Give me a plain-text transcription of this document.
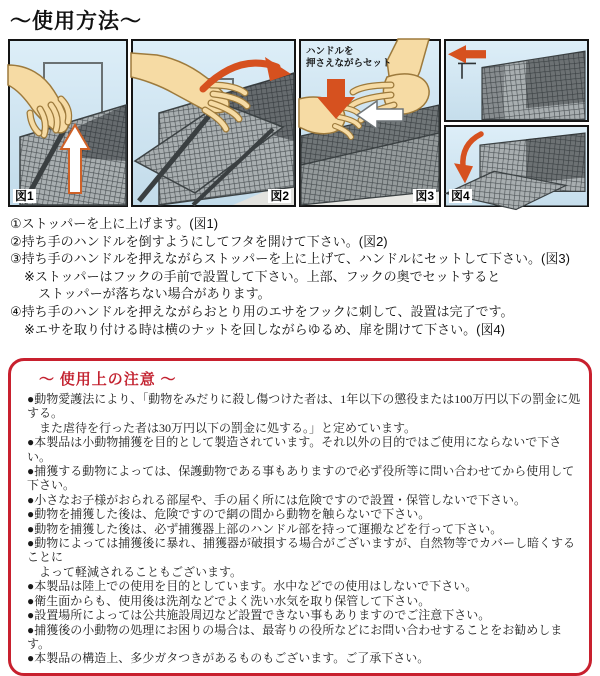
～使用方法～
図1	図2
ハンドルを
押さえながらセット
図3 図4
①ストッパーを上に上げます。(図1)
②持ち手のハンドルを倒すようにしてフタを開けて下さい。(図2)
③持ち手のハンドルを押えながらストッパーを上に上げて、ハンドルにセットして下さい。(図3)
※ストッパーはフックの手前で設置して下さい。上部、フックの奥でセットすると
ストッパーが落ちない場合があります。
④持ち手のハンドルを押えながらおとり用のエサをフックに刺して、設置は完了です。
※エサを取り付ける時は横のナットを回しながらゆるめ、扉を開けて下さい。(図4)
～ 使用上の注意 ～
●動物愛護法により、「動物をみだりに殺し傷つけた者は、1年以下の懲役または100万円以下の罰金に処する。
また虐待を行った者は30万円以下の罰金に処する。」と定めています。
●本製品は小動物捕獲を目的として製造されています。それ以外の目的ではご使用にならないで下さい。
●捕獲する動物によっては、保護動物である事もありますので必ず役所等に問い合わせてから使用して下さい。
●小さなお子様がおられる部屋や、手の届く所には危険ですので設置・保管しないで下さい。
●動物を捕獲した後は、危険ですので網の間から動物を触らないで下さい。
●動物を捕獲した後は、必ず捕獲器上部のハンドル部を持って運搬などを行って下さい。
●動物によっては捕獲後に暴れ、捕獲器が破損する場合がございますが、自然物等でカバーし暗くすることに
よって軽減されることもございます。
●本製品は陸上での使用を目的としています。水中などでの使用はしないで下さい。
●衛生面からも、使用後は洗剤などでよく洗い水気を取り保管して下さい。
●設置場所によっては公共施設周辺など設置できない事もありますのでご注意下さい。
●捕獲後の小動物の処理にお困りの場合は、最寄りの役所などにお問い合わせすることをお勧めします。
●本製品の構造上、多少ガタつきがあるものもございます。ご了承下さい。
